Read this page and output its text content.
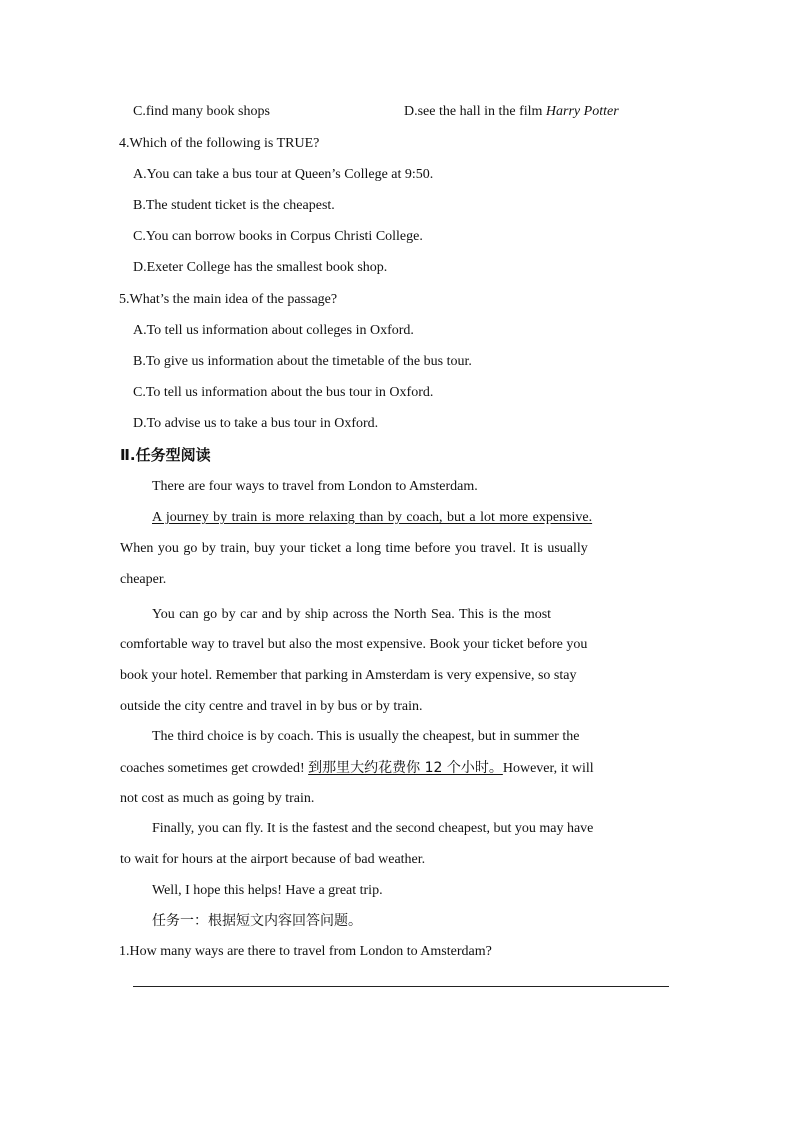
C.find many book shops	D.see the hall in the film Harry Potter
4.Which of the following is TRUE?
A.You can take a bus tour at Queen’s College at 9:50.
B.The student ticket is the cheapest.
C.You can borrow books in Corpus Christi College.
D.Exeter College has the smallest book shop.
5.What’s the main idea of the passage?
A.To tell us information about colleges in Oxford.
B.To give us information about the timetable of the bus tour.
C.To tell us information about the bus tour in Oxford.
D.To advise us to take a bus tour in Oxford.
Ⅱ.任务型阅读
There are four ways to travel from London to Amsterdam.
A journey by train is more relaxing than by coach, but a lot more expensive.
When you go by train, buy your ticket a long time before you travel. It is usually
cheaper.
You can go by car and by ship across the North Sea. This is the most
comfortable way to travel but also the most expensive. Book your ticket before you
book your hotel. Remember that parking in Amsterdam is very expensive, so stay
outside the city centre and travel in by bus or by train.
The third choice is by coach. This is usually the cheapest, but in summer the
coaches sometimes get crowded! 到那里大约花费你 12 个小时。However, it will
not cost as much as going by train.
Finally, you can fly. It is the fastest and the second cheapest, but you may have
to wait for hours at the airport because of bad weather.
Well, I hope this helps! Have a great trip.
任务一：根据短文内容回答问题。
1.How many ways are there to travel from London to Amsterdam?
